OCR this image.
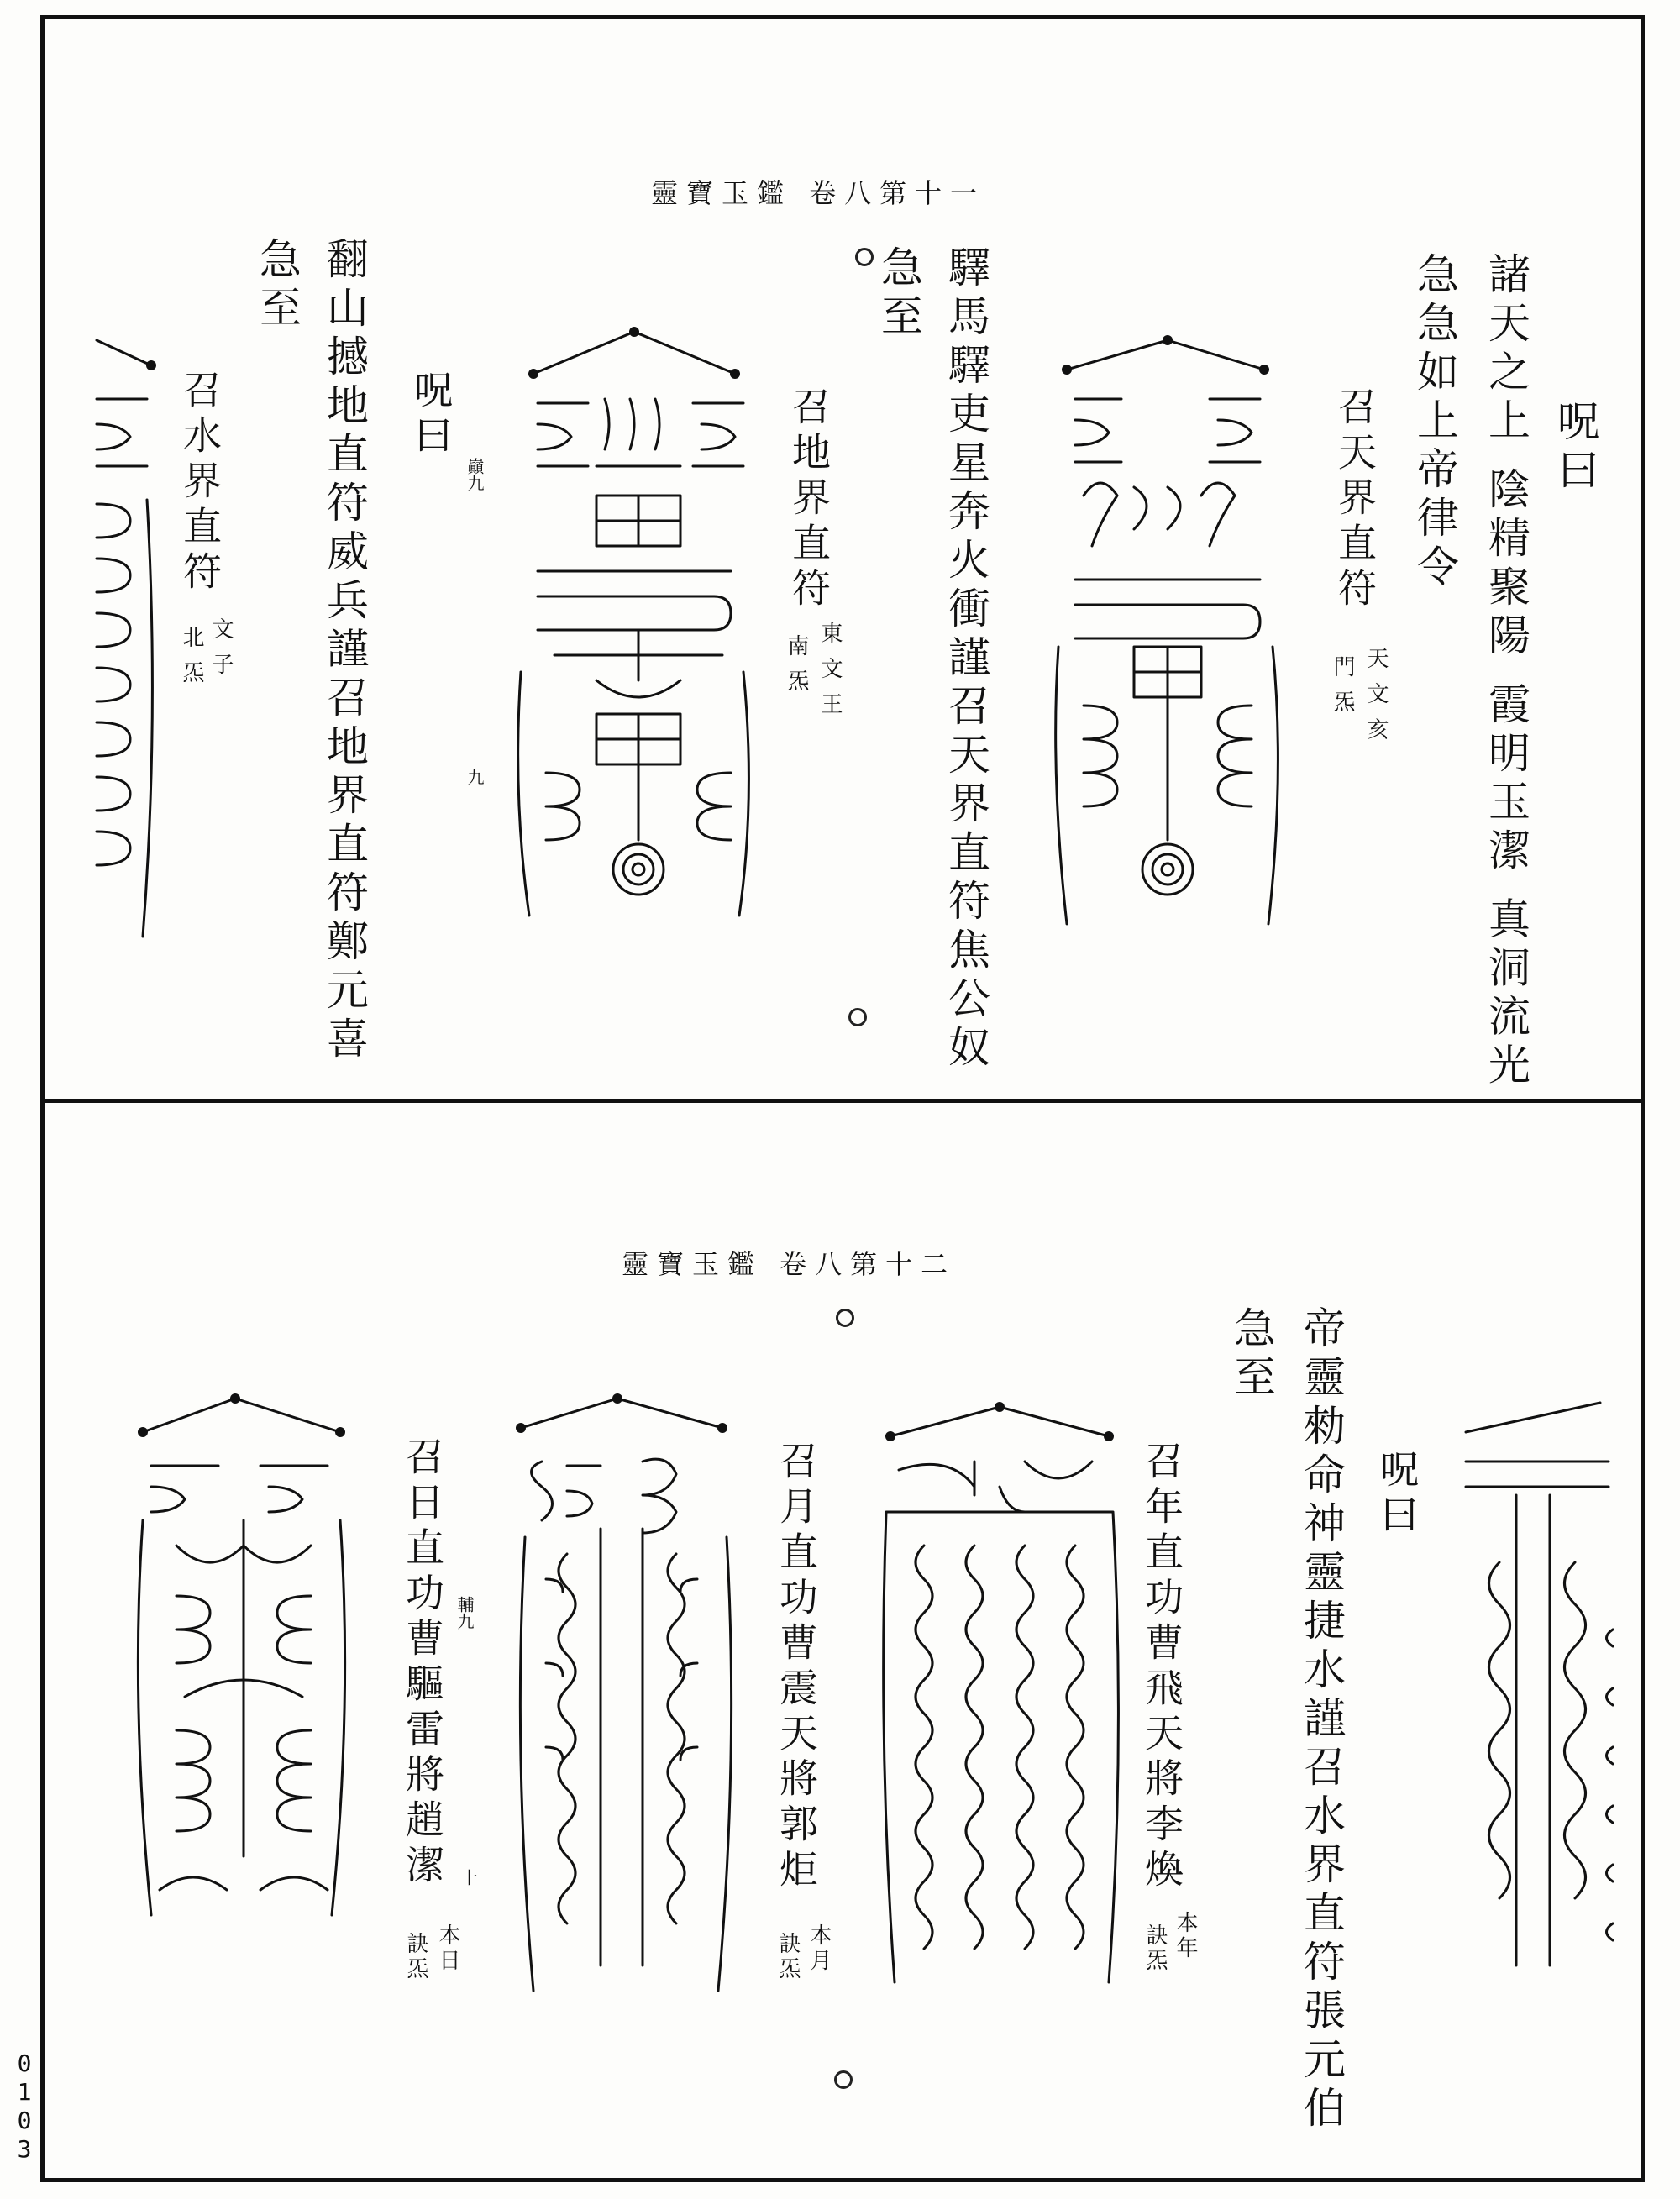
0103
靈寶玉鑑 卷八第十一
呪曰
諸天之上 陰精聚陽 霞明玉潔 真洞流光
急急如上帝律令
召天界直符
天 文 亥
門 炁
驛馬驛吏星奔火衝謹召天界直符焦公奴
急至
召地界直符
東 文 王
南 炁
呪曰
巓九
九
翻山撼地直符威兵謹召地界直符鄭元喜
急至
召水界直符
文 子
北 炁
靈寶玉鑑 卷八第十二
呪曰
帝靈勑命神靈捷水謹召水界直符張元伯
急至
召年直功曹飛天將李煥
本年
訣炁
召月直功曹震天將郭炬
本月
訣炁
召日直功曹驅雷將趙潔 輔九
十
本日
訣炁
